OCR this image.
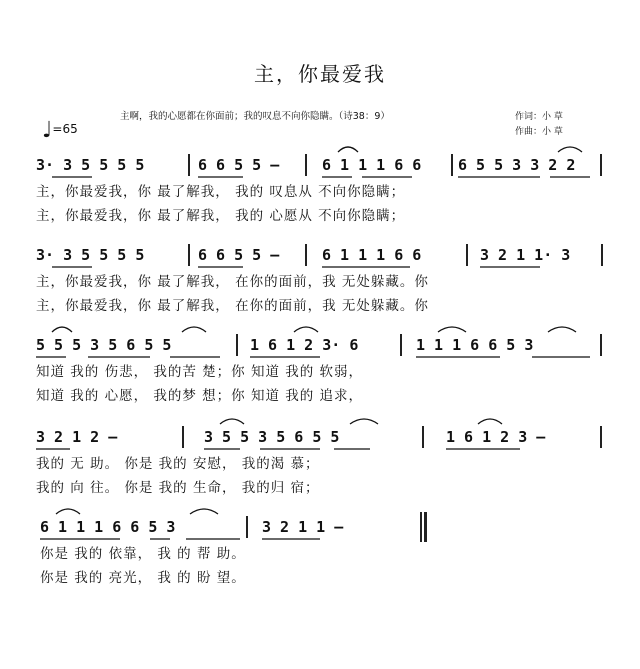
主，你最爱我
主啊，我的心愿都在你面前；我的叹息不向你隐瞒。（诗38：9）	作词：小 草
作曲：小 草
♩=65
3· 3 5 5 5 5	6 6 5 5 –	6 1 1 1 6 6 6 5 5 3 3 2 2
主，你最爱我，你 最了解我， 我的 叹息从 不向你隐瞒；
主，你最爱我，你 最了解我， 我的 心愿从 不向你隐瞒；
3· 3 5 5 5 5	6 6 5 5 –	6 1 1 1 6 6	3 2 1 1· 3
主，你最爱我，你 最了解我， 在你的面前，我 无处躲藏。你
主，你最爱我，你 最了解我， 在你的面前，我 无处躲藏。你
5 5 5 3 5 6 5 5	1 6 1 2 3· 6	1 1 1 6 6 5 3
知道 我的 伤悲， 我的苦 楚；你 知道 我的 软弱，
知道 我的 心愿， 我的梦 想；你 知道 我的 追求，
3 2 1 2 –	3 5 5 3 5 6 5 5	1 6 1 2 3 –
我的 无 助。 你是 我的 安慰， 我的渴 慕；
我的 向 往。 你是 我的 生命， 我的归 宿；
6 1 1 1 6 6 5 3	3 2 1 1 –
你是 我的 依靠， 我 的 帮 助。
你是 我的 亮光， 我 的 盼 望。
